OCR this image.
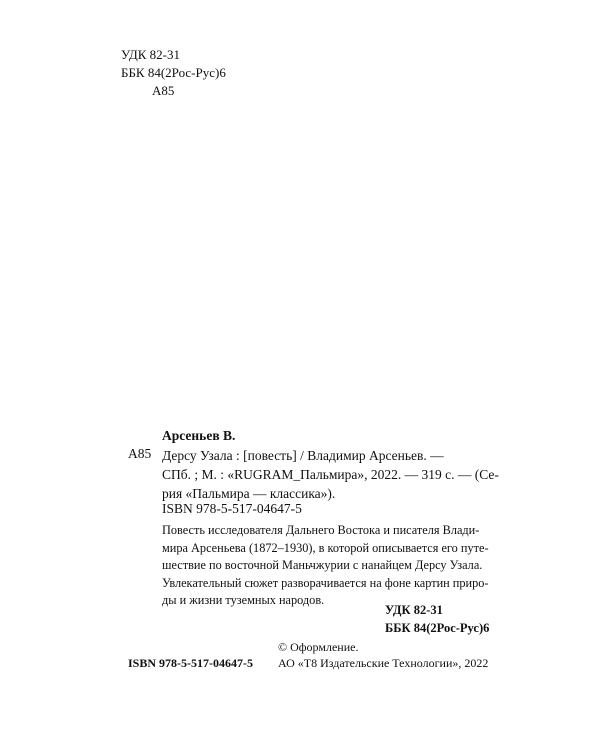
УДК 82-31
ББК 84(2Рос-Рус)6
А85
Арсеньев В.
А85 Дерсу Узала : [повесть] / Владимир Арсеньев. —
СПб. ; М. : «RUGRAM_Пальмира», 2022. — 319 с. — (Се-
рия «Пальмира — классика»).
ISBN 978-5-517-04647-5
Повесть исследователя Дальнего Востока и писателя Влади-
мира Арсеньева (1872–1930), в которой описывается его путе-
шествие по восточной Маньчжурии с нанайцем Дерсу Узала.
Увлекательный сюжет разворачивается на фоне картин приро-
ды и жизни туземных народов.
УДК 82-31
ББК 84(2Рос-Рус)6
© Оформление.
ISBN 978-5-517-04647-5 АО «Т8 Издательские Технологии», 2022
